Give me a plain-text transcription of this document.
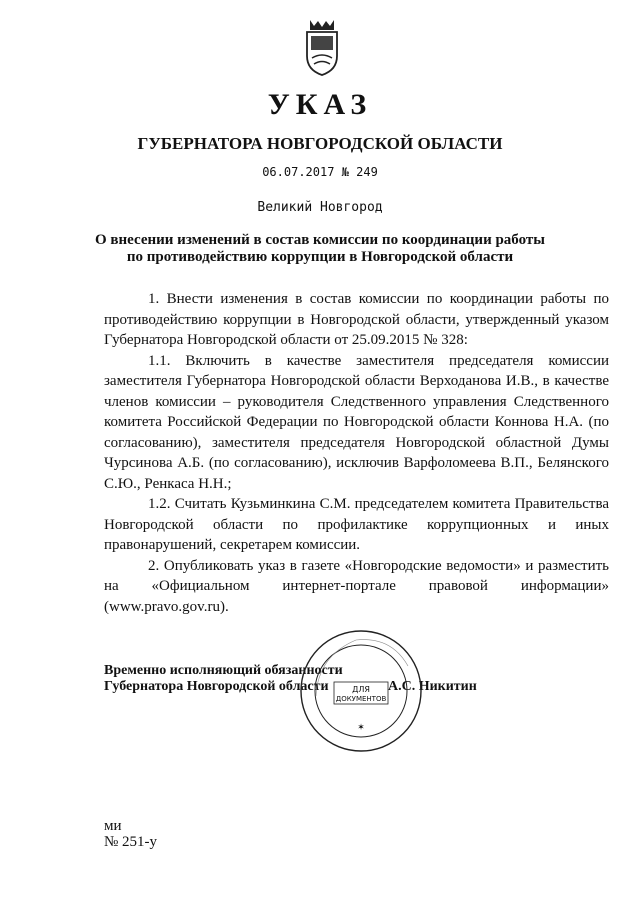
УКАЗ
ГУБЕРНАТОРА НОВГОРОДСКОЙ ОБЛАСТИ
06.07.2017 № 249
Великий Новгород
О внесении изменений в состав комиссии по координации работы
по противодействию коррупции в Новгородской области

1. Внести изменения в состав комиссии по координации работы по противодействию коррупции в Новгородской области, утвержденный указом Губернатора Новгородской области от 25.09.2015 № 328:

1.1. Включить в качестве заместителя председателя комиссии заместителя Губернатора Новгородской области Верходанова И.В., в качестве членов комиссии – руководителя Следственного управления Следственного комитета Российской Федерации по Новгородской области Коннова Н.А. (по согласованию), заместителя председателя Новгородской областной Думы Чурсинова А.Б. (по согласованию), исключив Варфоломеева В.П., Белянского С.Ю., Ренкаса Н.Н.;

1.2. Считать Кузьминкина С.М. председателем комитета Правительства Новгородской области по профилактике коррупционных и иных правонарушений, секретарем комиссии.

2. Опубликовать указ в газете «Новгородские ведомости» и разместить на «Официальном интернет-портале правовой информации» (www.pravo.gov.ru).

Временно исполняющий обязанности
Губернатора Новгородской области	А.С. Никитин
ДЛЯ
ДОКУМЕНТОВ
✶
ми
№ 251-у
